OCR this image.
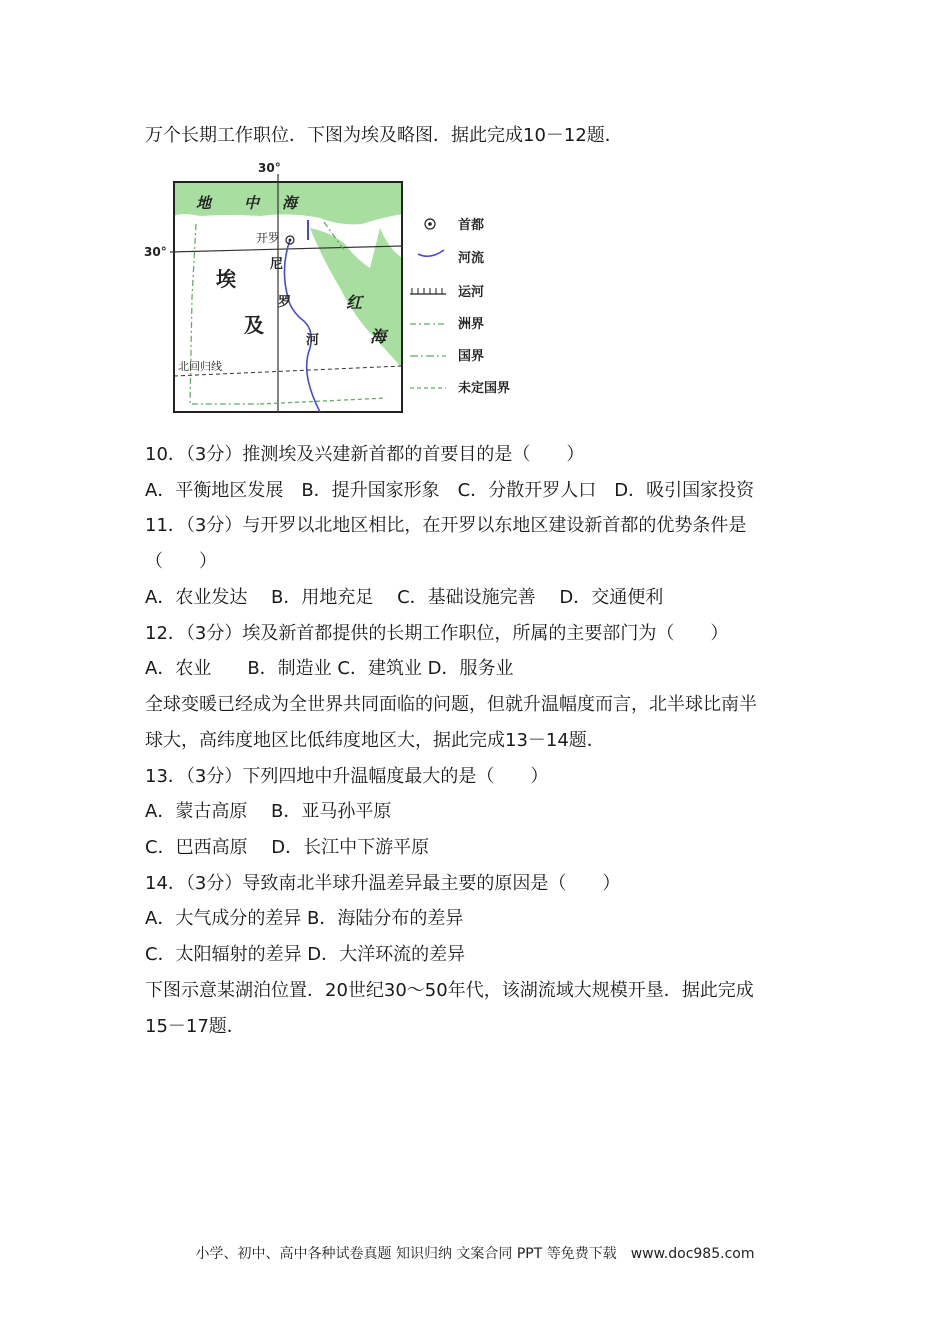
万个长期工作职位．下图为埃及略图．据此完成10－12题．
30°
30°
地 中 海
开罗
埃
及
尼
罗
河
红
海
北回归线
首都
河流
运河
洲界
国界
未定国界
10．（3分）推测埃及兴建新首都的首要目的是（　　）
A．平衡地区发展　B．提升国家形象　C．分散开罗人口　D．吸引国家投资
11．（3分）与开罗以北地区相比，在开罗以东地区建设新首都的优势条件是
（　　）
A．农业发达　 B．用地充足　 C．基础设施完善　 D．交通便利
12．（3分）埃及新首都提供的长期工作职位，所属的主要部门为（　　）
A．农业　　B．制造业 C．建筑业 D．服务业
全球变暖已经成为全世界共同面临的问题，但就升温幅度而言，北半球比南半
球大，高纬度地区比低纬度地区大，据此完成13－14题．
13．（3分）下列四地中升温幅度最大的是（　　）
A．蒙古高原　 B．亚马孙平原
C．巴西高原　 D．长江中下游平原
14．（3分）导致南北半球升温差异最主要的原因是（　　）
A．大气成分的差异 B．海陆分布的差异
C．太阳辐射的差异 D．大洋环流的差异
下图示意某湖泊位置．20世纪30～50年代，该湖流域大规模开垦．据此完成
15－17题．
小学、初中、高中各种试卷真题 知识归纳 文案合同 PPT 等免费下载　www.doc985.com
